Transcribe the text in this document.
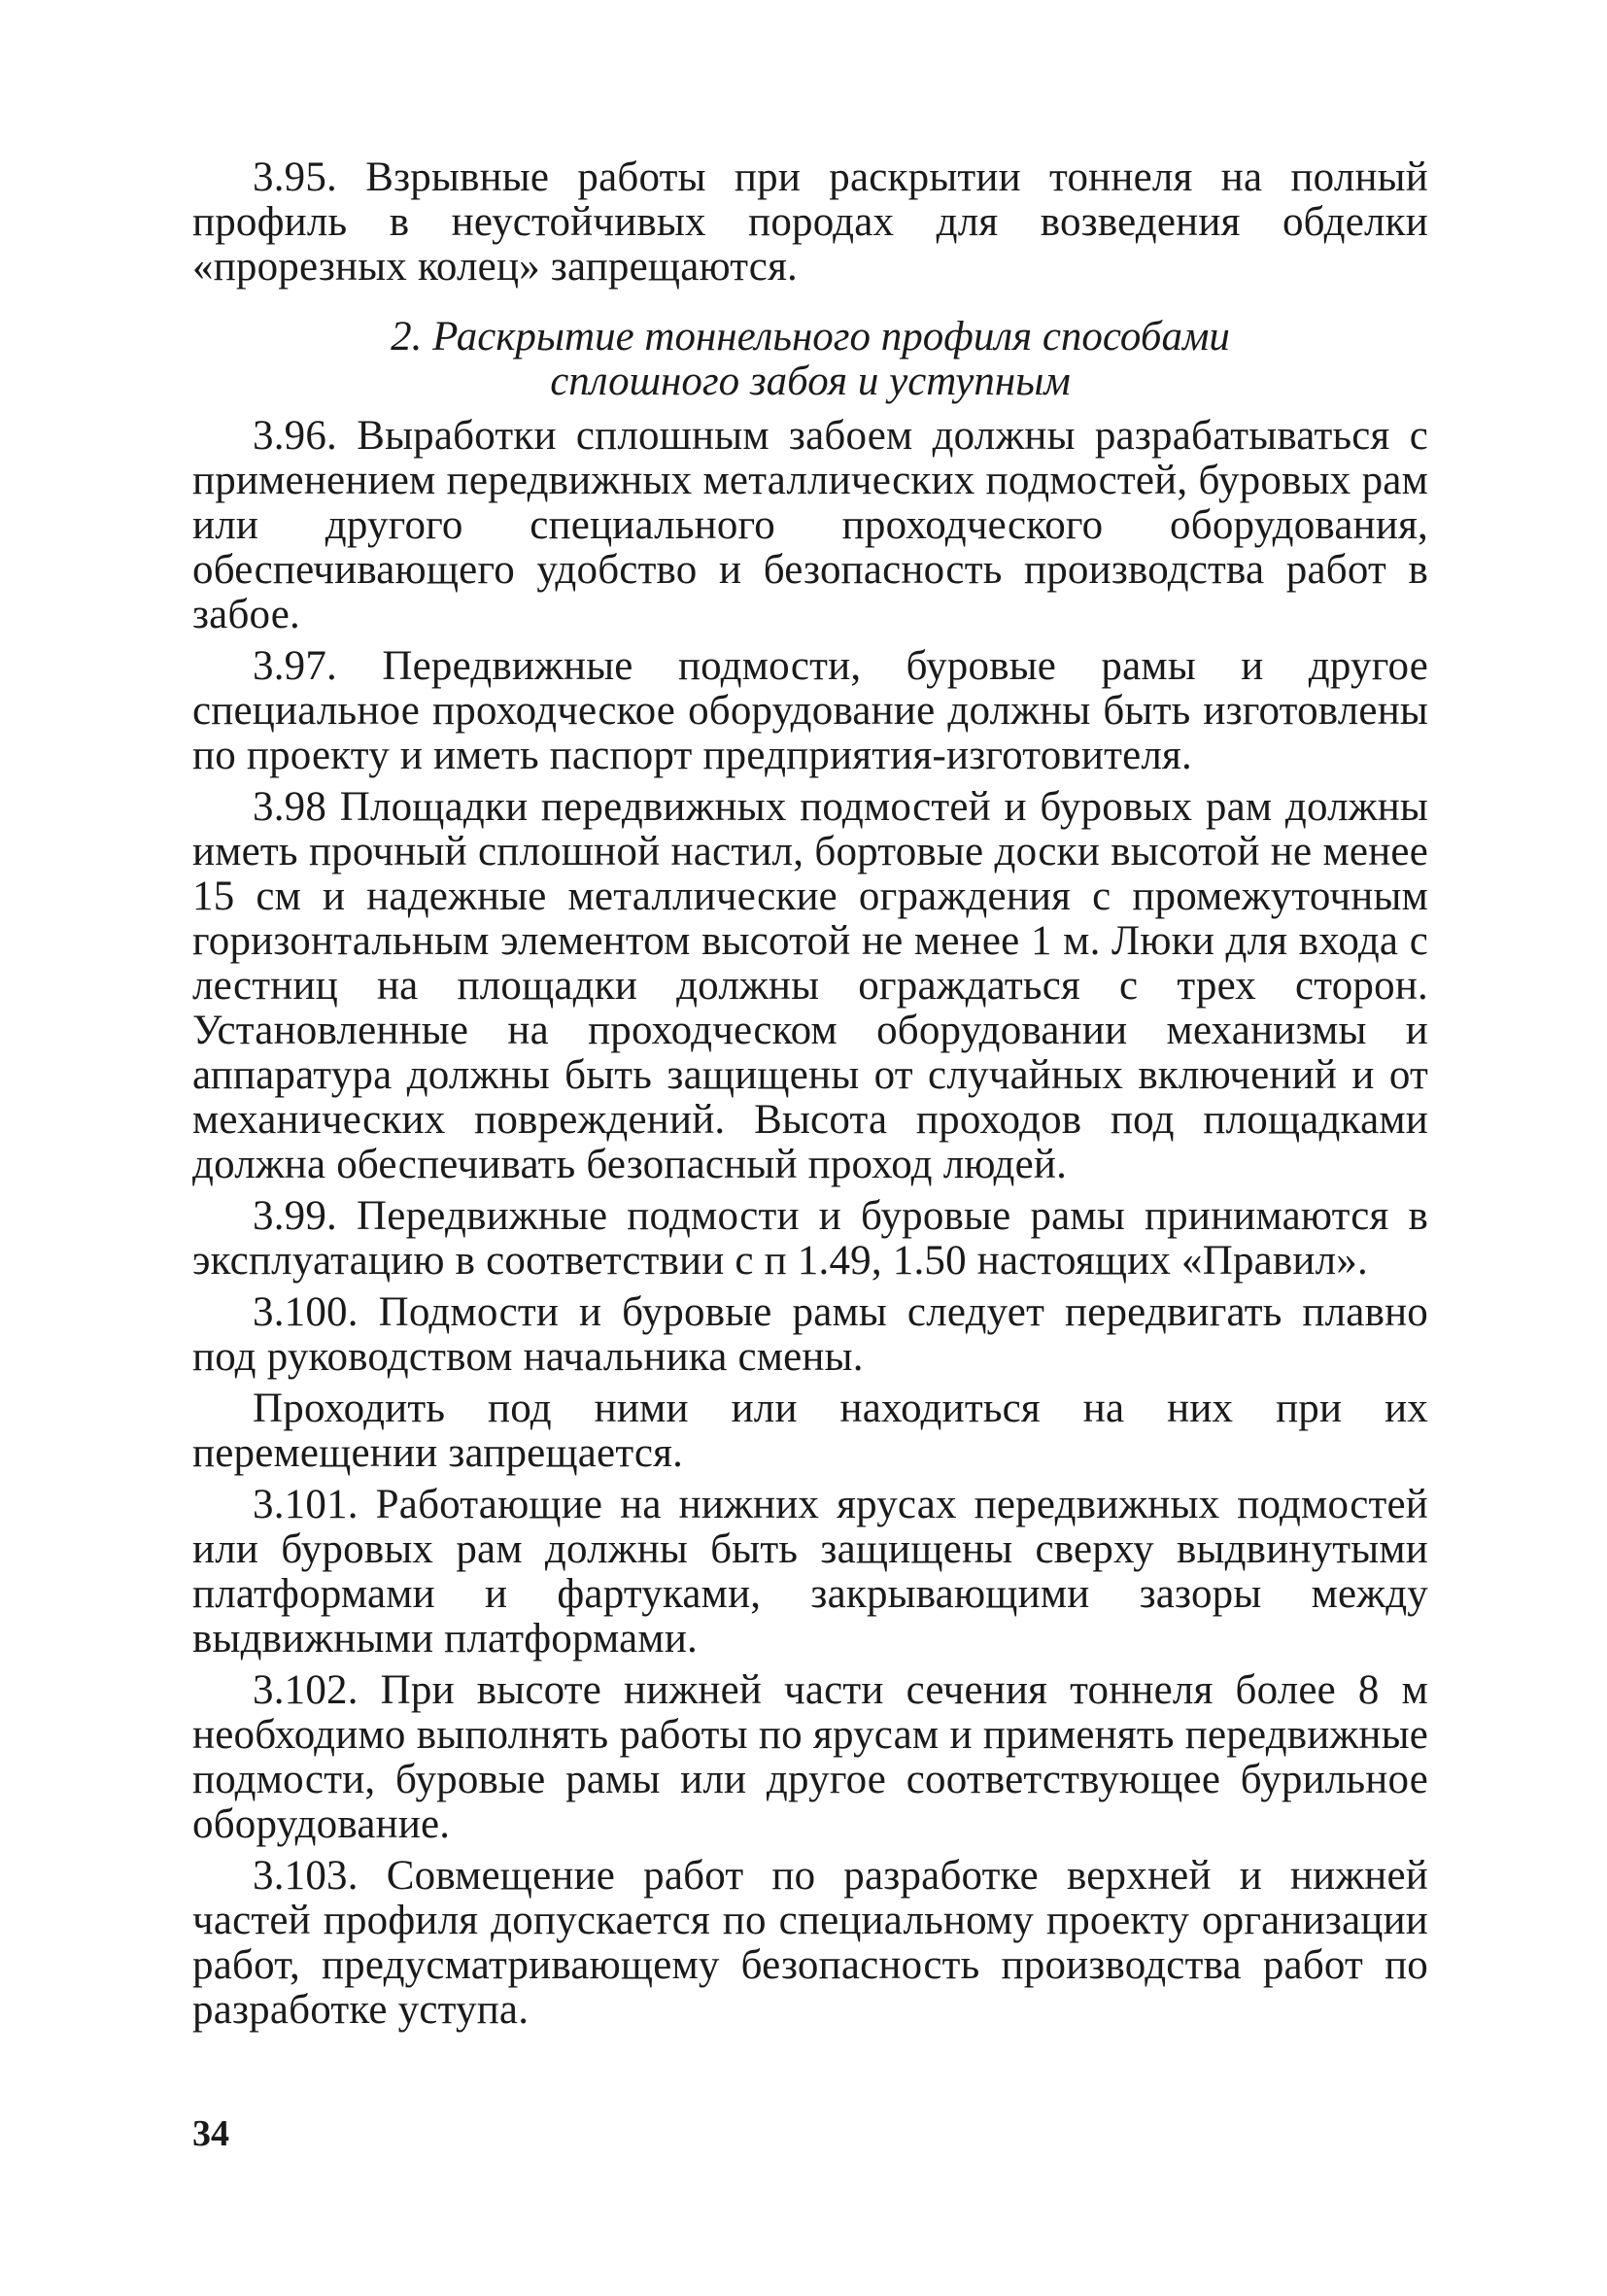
3.95. Взрывные работы при раскрытии тоннеля на полный профиль в неустойчивых породах для возведения обделки «прорезных колец» запрещаются.

2. Раскрытие тоннельного профиля способами
сплошного забоя и уступным

3.96. Выработки сплошным забоем должны разрабатываться с применением передвижных металлических подмостей, буровых рам или другого специального проходческого оборудования, обеспечивающего удобство и безопасность производства работ в забое.

3.97. Передвижные подмости, буровые рамы и другое специальное проходческое оборудование должны быть изготовлены по проекту и иметь паспорт предприятия-изготовителя.

3.98 Площадки передвижных подмостей и буровых рам должны иметь прочный сплошной настил, бортовые доски высотой не менее 15 см и надежные металлические ограждения с промежуточным горизонтальным элементом высотой не менее 1 м. Люки для входа с лестниц на площадки должны ограждаться с трех сторон. Установленные на проходческом оборудовании механизмы и аппаратура должны быть защищены от случайных включений и от механических повреждений. Высота проходов под площадками должна обеспечивать безопасный проход людей.

3.99. Передвижные подмости и буровые рамы принимаются в эксплуатацию в соответствии с п 1.49, 1.50 настоящих «Правил».

3.100. Подмости и буровые рамы следует передвигать плавно под руководством начальника смены.

Проходить под ними или находиться на них при их перемещении запрещается.

3.101. Работающие на нижних ярусах передвижных подмостей или буровых рам должны быть защищены сверху выдвинутыми платформами и фартуками, закрывающими зазоры между выдвижными платформами.

3.102. При высоте нижней части сечения тоннеля более 8 м необходимо выполнять работы по ярусам и применять передвижные подмости, буровые рамы или другое соответствующее бурильное оборудование.

3.103. Совмещение работ по разработке верхней и нижней частей профиля допускается по специальному проекту организации работ, предусматривающему безопасность производства работ по разработке уступа.

34
